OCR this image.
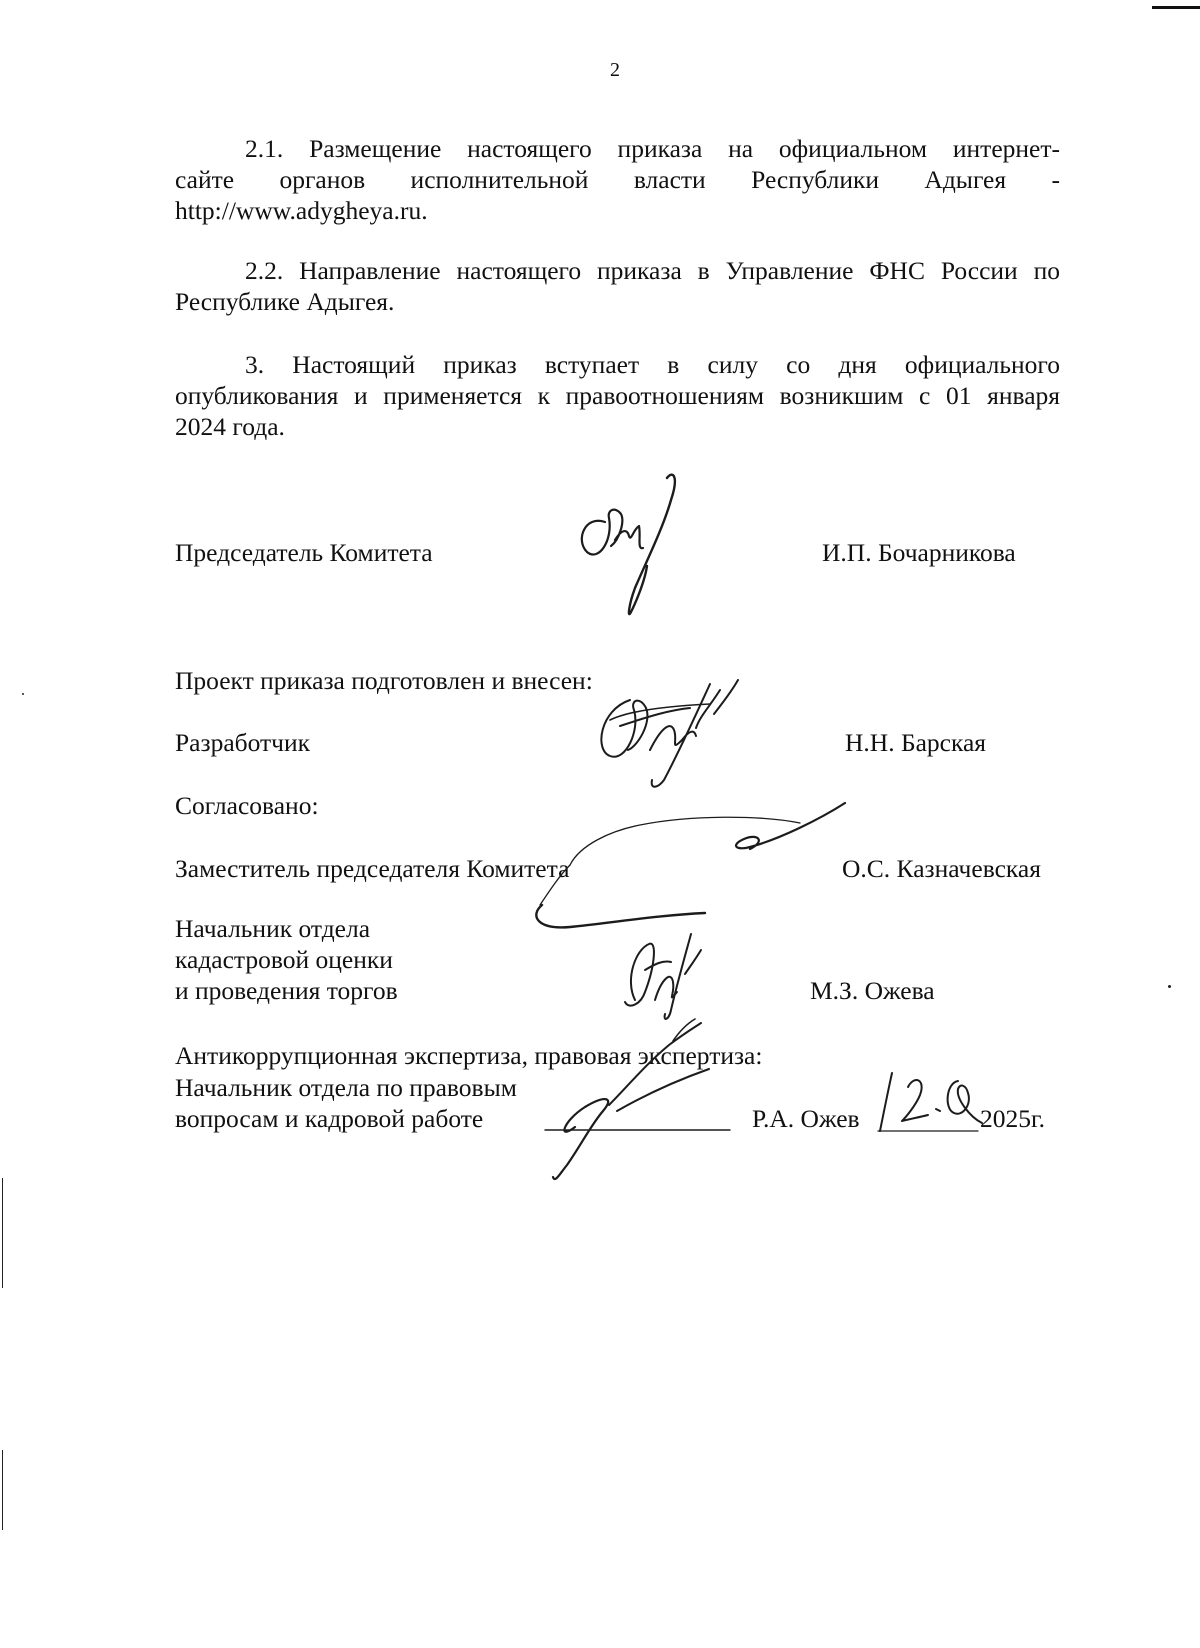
2
2.1. Размещение настоящего приказа на официальном интернет-
сайте органов исполнительной власти Республики Адыгея -
http://www.adygheya.ru.
2.2. Направление настоящего приказа в Управление ФНС России по
Республике Адыгея.
3. Настоящий приказ вступает в силу со дня официального
опубликования и применяется к правоотношениям возникшим с 01 января
2024 года.
Председатель Комитета	И.П. Бочарникова
Проект приказа подготовлен и внесен:
Разработчик	Н.Н. Барская
Согласовано:
Заместитель председателя Комитета	О.С. Казначевская
Начальник отдела
кадастровой оценки
и проведения торгов	М.З. Ожева
Антикоррупционная экспертиза, правовая экспертиза:
Начальник отдела по правовым
вопросам и кадровой работе	Р.А. Ожев	2025г.
